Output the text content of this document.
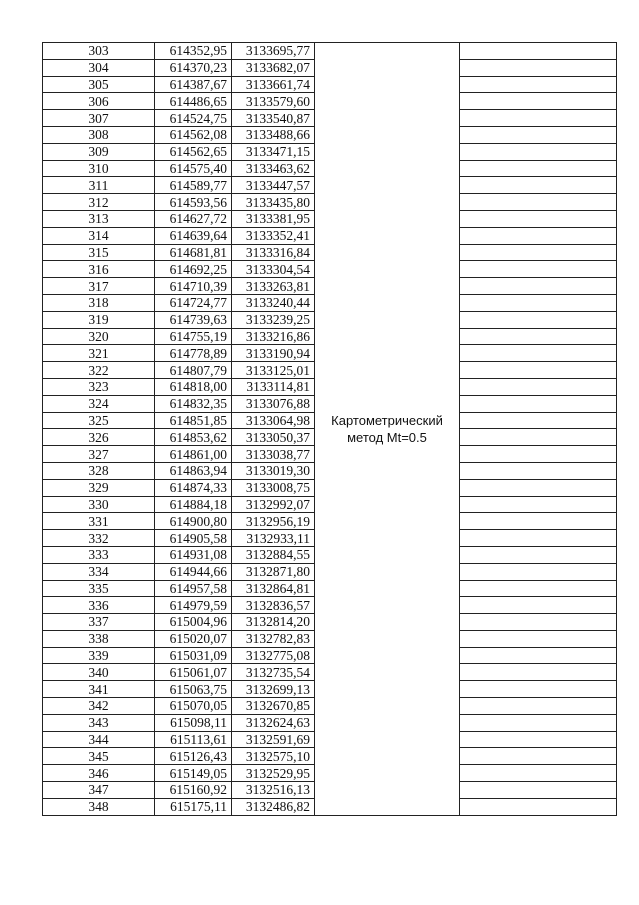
303	614352,95	3133695,77	Картометрический метод Mt=0.5	
304	614370,23	3133682,07		
305	614387,67	3133661,74		
306	614486,65	3133579,60		
307	614524,75	3133540,87		
308	614562,08	3133488,66		
309	614562,65	3133471,15		
310	614575,40	3133463,62		
311	614589,77	3133447,57		
312	614593,56	3133435,80		
313	614627,72	3133381,95		
314	614639,64	3133352,41		
315	614681,81	3133316,84		
316	614692,25	3133304,54		
317	614710,39	3133263,81		
318	614724,77	3133240,44		
319	614739,63	3133239,25		
320	614755,19	3133216,86		
321	614778,89	3133190,94		
322	614807,79	3133125,01		
323	614818,00	3133114,81		
324	614832,35	3133076,88		
325	614851,85	3133064,98		
326	614853,62	3133050,37		
327	614861,00	3133038,77		
328	614863,94	3133019,30		
329	614874,33	3133008,75		
330	614884,18	3132992,07		
331	614900,80	3132956,19		
332	614905,58	3132933,11		
333	614931,08	3132884,55		
334	614944,66	3132871,80		
335	614957,58	3132864,81		
336	614979,59	3132836,57		
337	615004,96	3132814,20		
338	615020,07	3132782,83		
339	615031,09	3132775,08		
340	615061,07	3132735,54		
341	615063,75	3132699,13		
342	615070,05	3132670,85		
343	615098,11	3132624,63		
344	615113,61	3132591,69		
345	615126,43	3132575,10		
346	615149,05	3132529,95		
347	615160,92	3132516,13		
348	615175,11	3132486,82		
